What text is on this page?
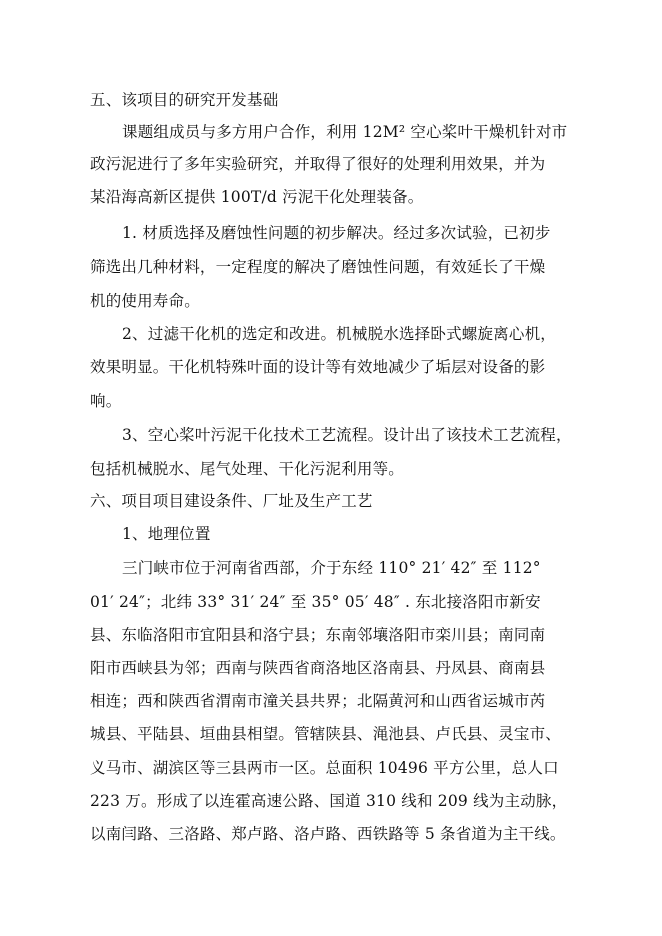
五、该项目的研究开发基础
课题组成员与多方用户合作，利用 12M² 空心桨叶干燥机针对市
政污泥进行了多年实验研究，并取得了很好的处理利用效果，并为
某沿海高新区提供 100T/d 污泥干化处理装备。
1. 材质选择及磨蚀性问题的初步解决。经过多次试验，已初步
筛选出几种材料，一定程度的解决了磨蚀性问题，有效延长了干燥
机的使用寿命。
2、过滤干化机的选定和改进。机械脱水选择卧式螺旋离心机，
效果明显。干化机特殊叶面的设计等有效地减少了垢层对设备的影
响。
3、空心桨叶污泥干化技术工艺流程。设计出了该技术工艺流程，
包括机械脱水、尾气处理、干化污泥利用等。
六、项目项目建设条件、厂址及生产工艺
1、地理位置
三门峡市位于河南省西部，介于东经 110° 21′ 42″ 至 112°
01′ 24″；北纬 33° 31′ 24″ 至 35° 05′ 48″ . 东北接洛阳市新安
县、东临洛阳市宜阳县和洛宁县；东南邻壤洛阳市栾川县；南同南
阳市西峡县为邻；西南与陕西省商洛地区洛南县、丹凤县、商南县
相连；西和陕西省渭南市潼关县共界；北隔黄河和山西省运城市芮
城县、平陆县、垣曲县相望。管辖陕县、渑池县、卢氏县、灵宝市、
义马市、湖滨区等三县两市一区。总面积 10496 平方公里，总人口
223 万。形成了以连霍高速公路、国道 310 线和 209 线为主动脉，
以南闫路、三洛路、郑卢路、洛卢路、西铁路等 5 条省道为主干线。
